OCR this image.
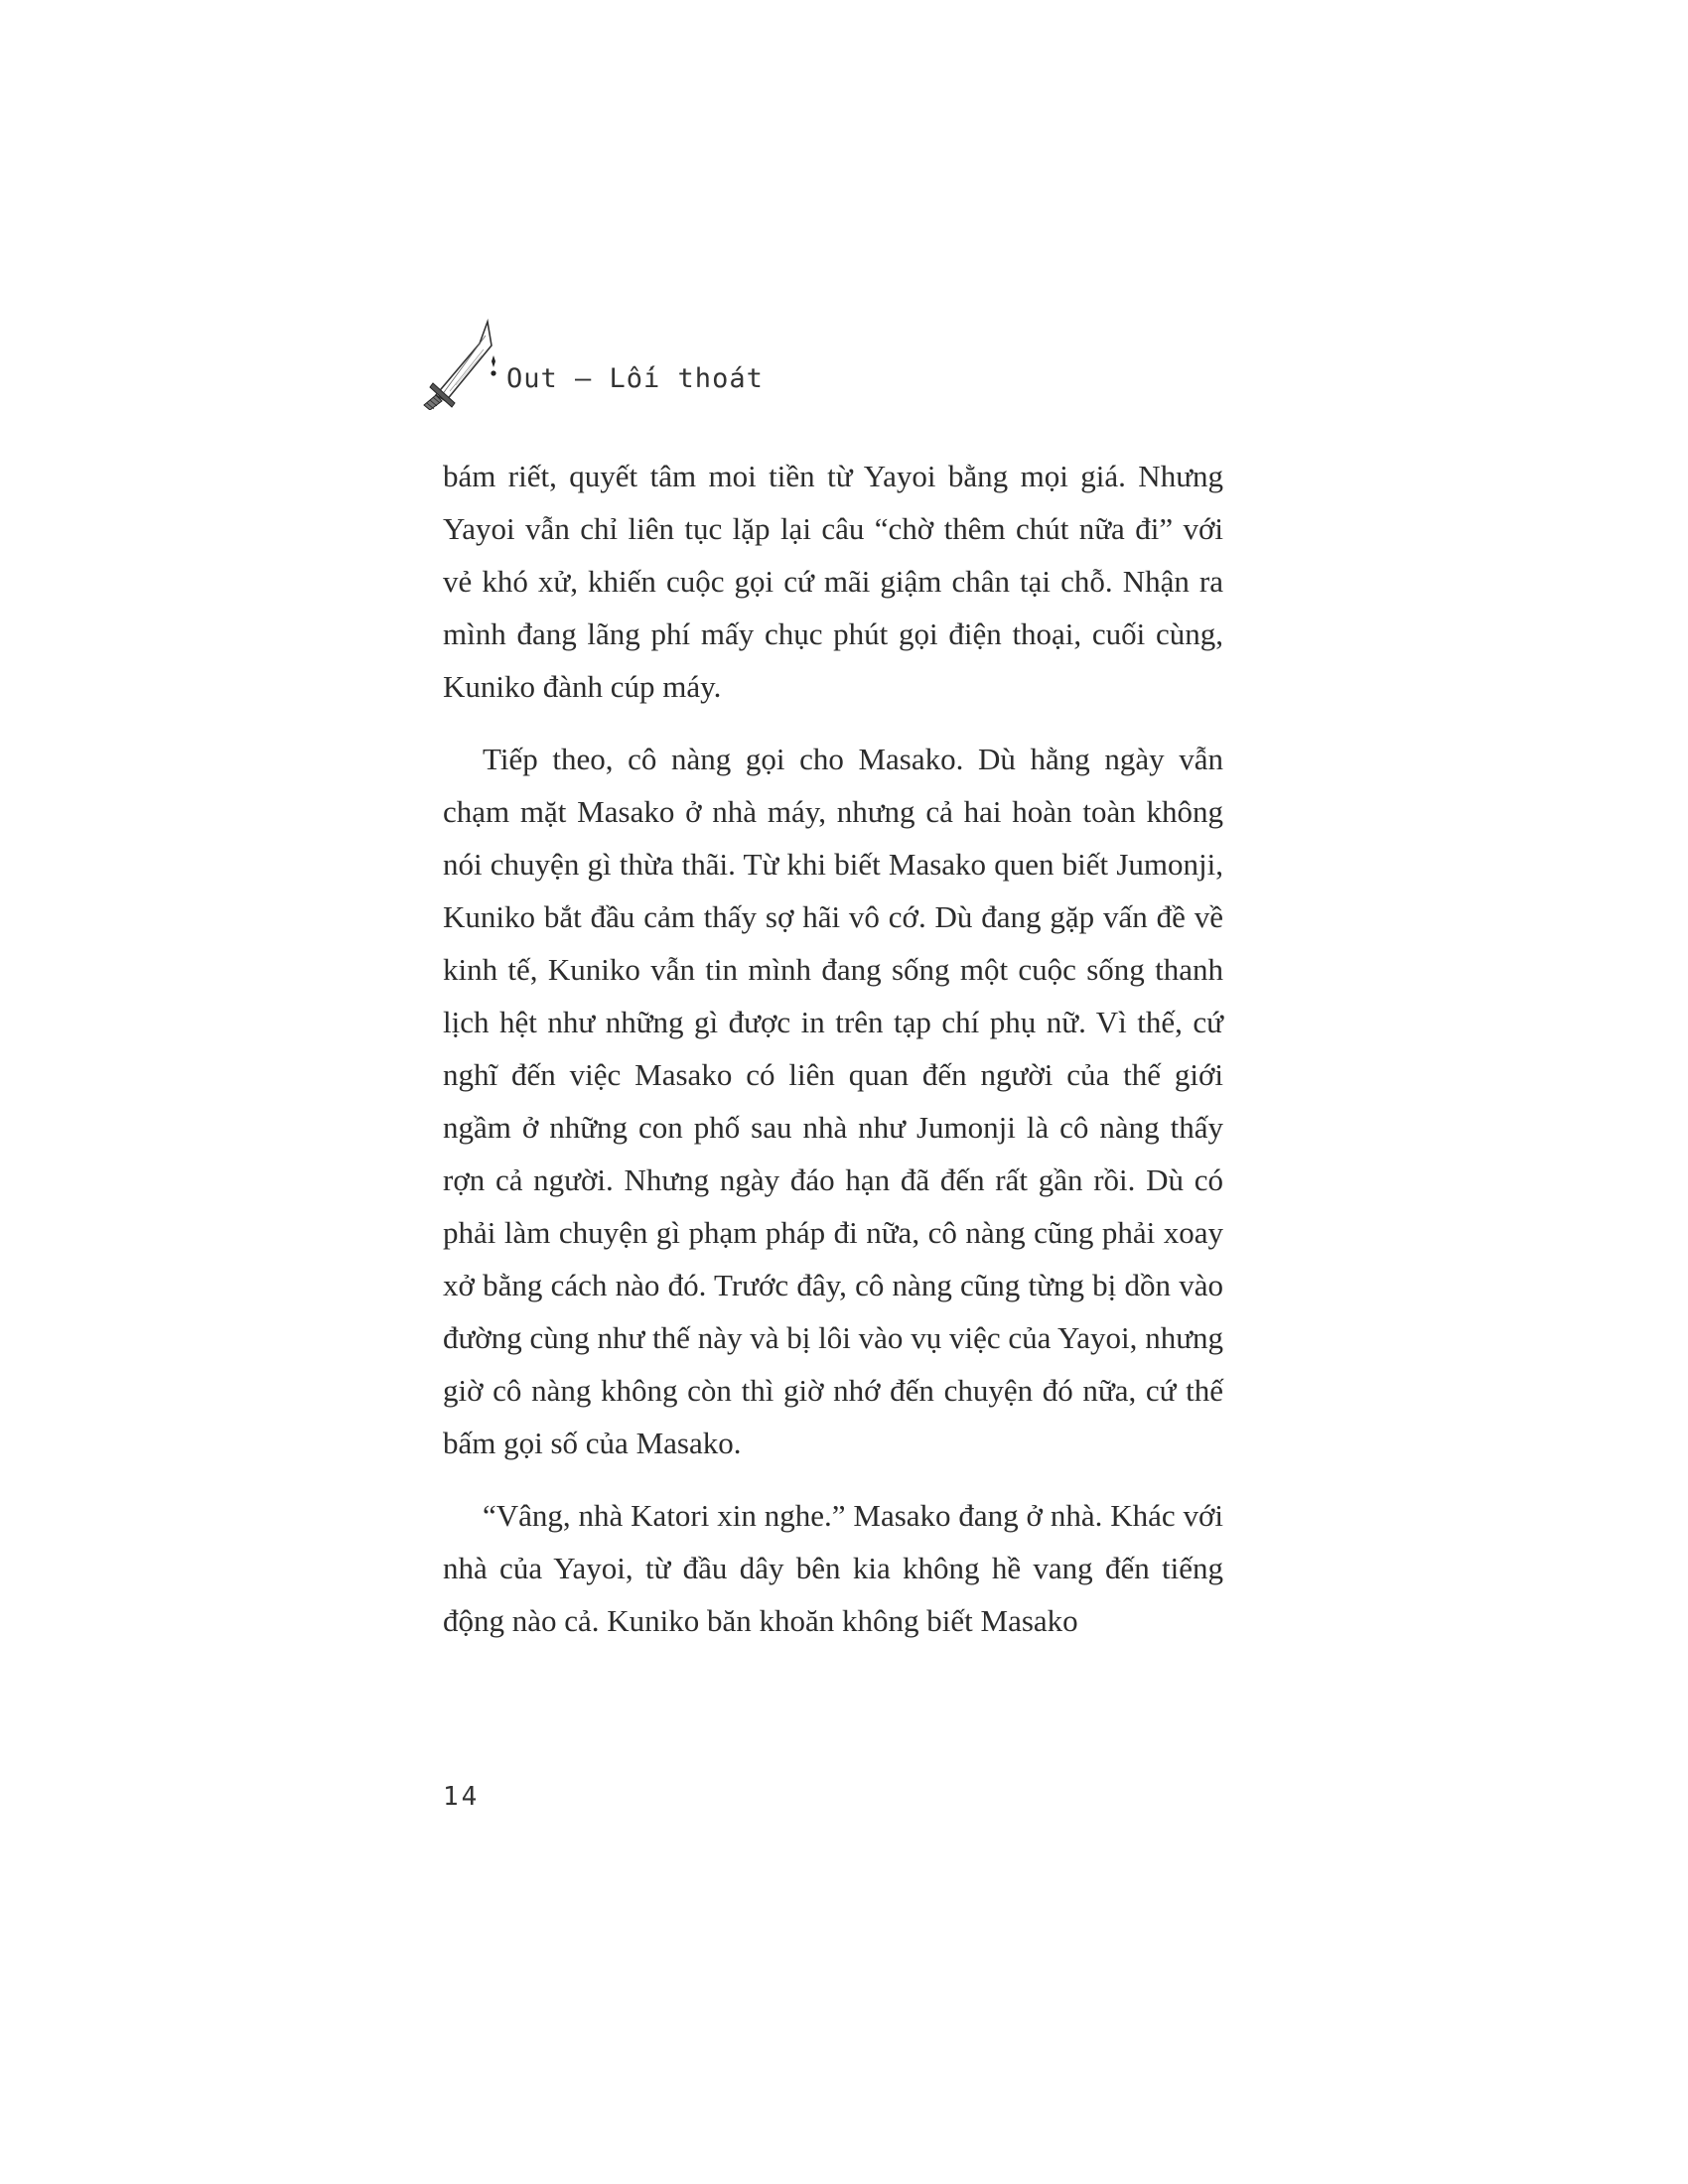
Out – Lối thoát

bám riết, quyết tâm moi tiền từ Yayoi bằng mọi giá. Nhưng Yayoi vẫn chỉ liên tục lặp lại câu “chờ thêm chút nữa đi” với vẻ khó xử, khiến cuộc gọi cứ mãi giậm chân tại chỗ. Nhận ra mình đang lãng phí mấy chục phút gọi điện thoại, cuối cùng, Kuniko đành cúp máy.

Tiếp theo, cô nàng gọi cho Masako. Dù hằng ngày vẫn chạm mặt Masako ở nhà máy, nhưng cả hai hoàn toàn không nói chuyện gì thừa thãi. Từ khi biết Masako quen biết Jumonji, Kuniko bắt đầu cảm thấy sợ hãi vô cớ. Dù đang gặp vấn đề về kinh tế, Kuniko vẫn tin mình đang sống một cuộc sống thanh lịch hệt như những gì được in trên tạp chí phụ nữ. Vì thế, cứ nghĩ đến việc Masako có liên quan đến người của thế giới ngầm ở những con phố sau nhà như Jumonji là cô nàng thấy rợn cả người. Nhưng ngày đáo hạn đã đến rất gần rồi. Dù có phải làm chuyện gì phạm pháp đi nữa, cô nàng cũng phải xoay xở bằng cách nào đó. Trước đây, cô nàng cũng từng bị dồn vào đường cùng như thế này và bị lôi vào vụ việc của Yayoi, nhưng giờ cô nàng không còn thì giờ nhớ đến chuyện đó nữa, cứ thế bấm gọi số của Masako.

“Vâng, nhà Katori xin nghe.” Masako đang ở nhà. Khác với nhà của Yayoi, từ đầu dây bên kia không hề vang đến tiếng động nào cả. Kuniko băn khoăn không biết Masako

14
